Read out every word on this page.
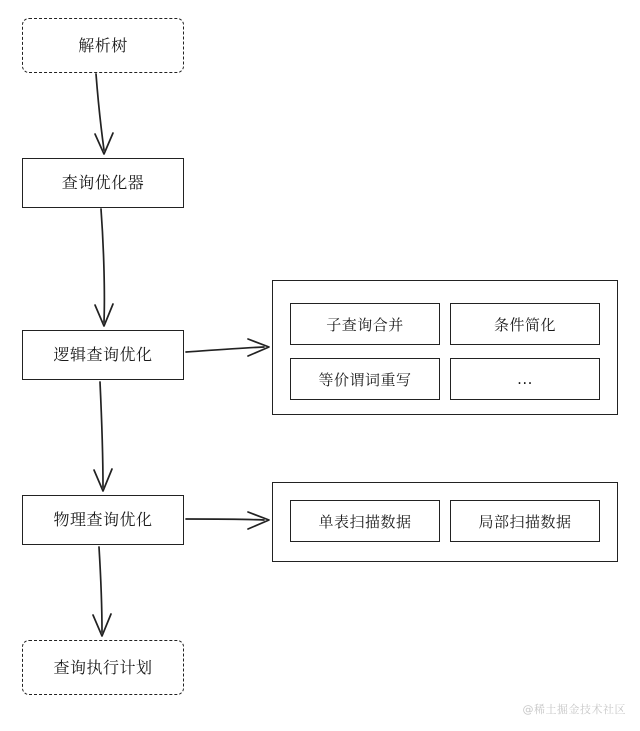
解析树
查询优化器
逻辑查询优化
物理查询优化
查询执行计划
子查询合并	条件简化
等价谓词重写	...
单表扫描数据	局部扫描数据
@稀土掘金技术社区
